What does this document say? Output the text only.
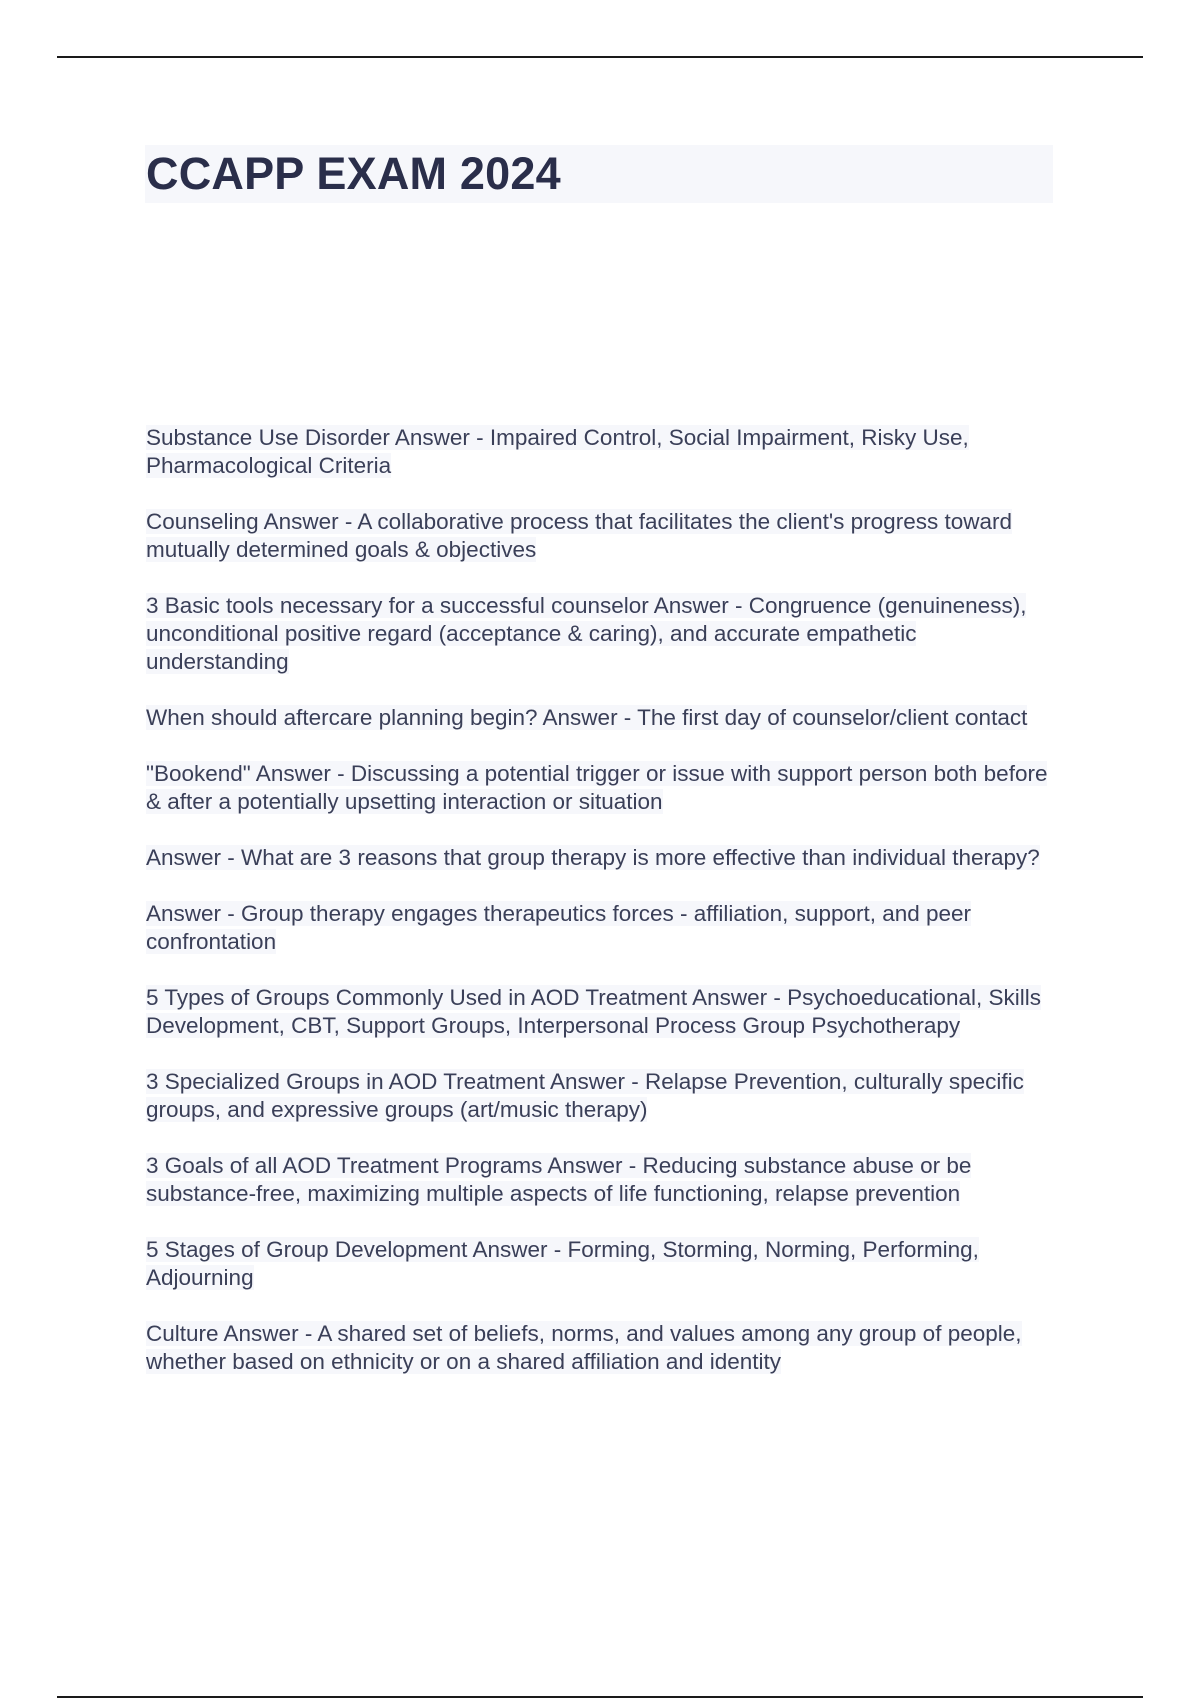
CCAPP EXAM 2024
Substance Use Disorder Answer - Impaired Control, Social Impairment, Risky Use, Pharmacological Criteria
Counseling Answer - A collaborative process that facilitates the client's progress toward mutually determined goals & objectives
3 Basic tools necessary for a successful counselor Answer - Congruence (genuineness), unconditional positive regard (acceptance & caring), and accurate empathetic understanding
When should aftercare planning begin? Answer - The first day of counselor/client contact
"Bookend" Answer - Discussing a potential trigger or issue with support person both before & after a potentially upsetting interaction or situation
Answer - What are 3 reasons that group therapy is more effective than individual therapy?
Answer - Group therapy engages therapeutics forces - affiliation, support, and peer confrontation
5 Types of Groups Commonly Used in AOD Treatment Answer - Psychoeducational, Skills Development, CBT, Support Groups, Interpersonal Process Group Psychotherapy
3 Specialized Groups in AOD Treatment Answer - Relapse Prevention, culturally specific groups, and expressive groups (art/music therapy)
3 Goals of all AOD Treatment Programs Answer - Reducing substance abuse or be substance-free, maximizing multiple aspects of life functioning, relapse prevention
5 Stages of Group Development Answer - Forming, Storming, Norming, Performing, Adjourning
Culture Answer - A shared set of beliefs, norms, and values among any group of people, whether based on ethnicity or on a shared affiliation and identity
